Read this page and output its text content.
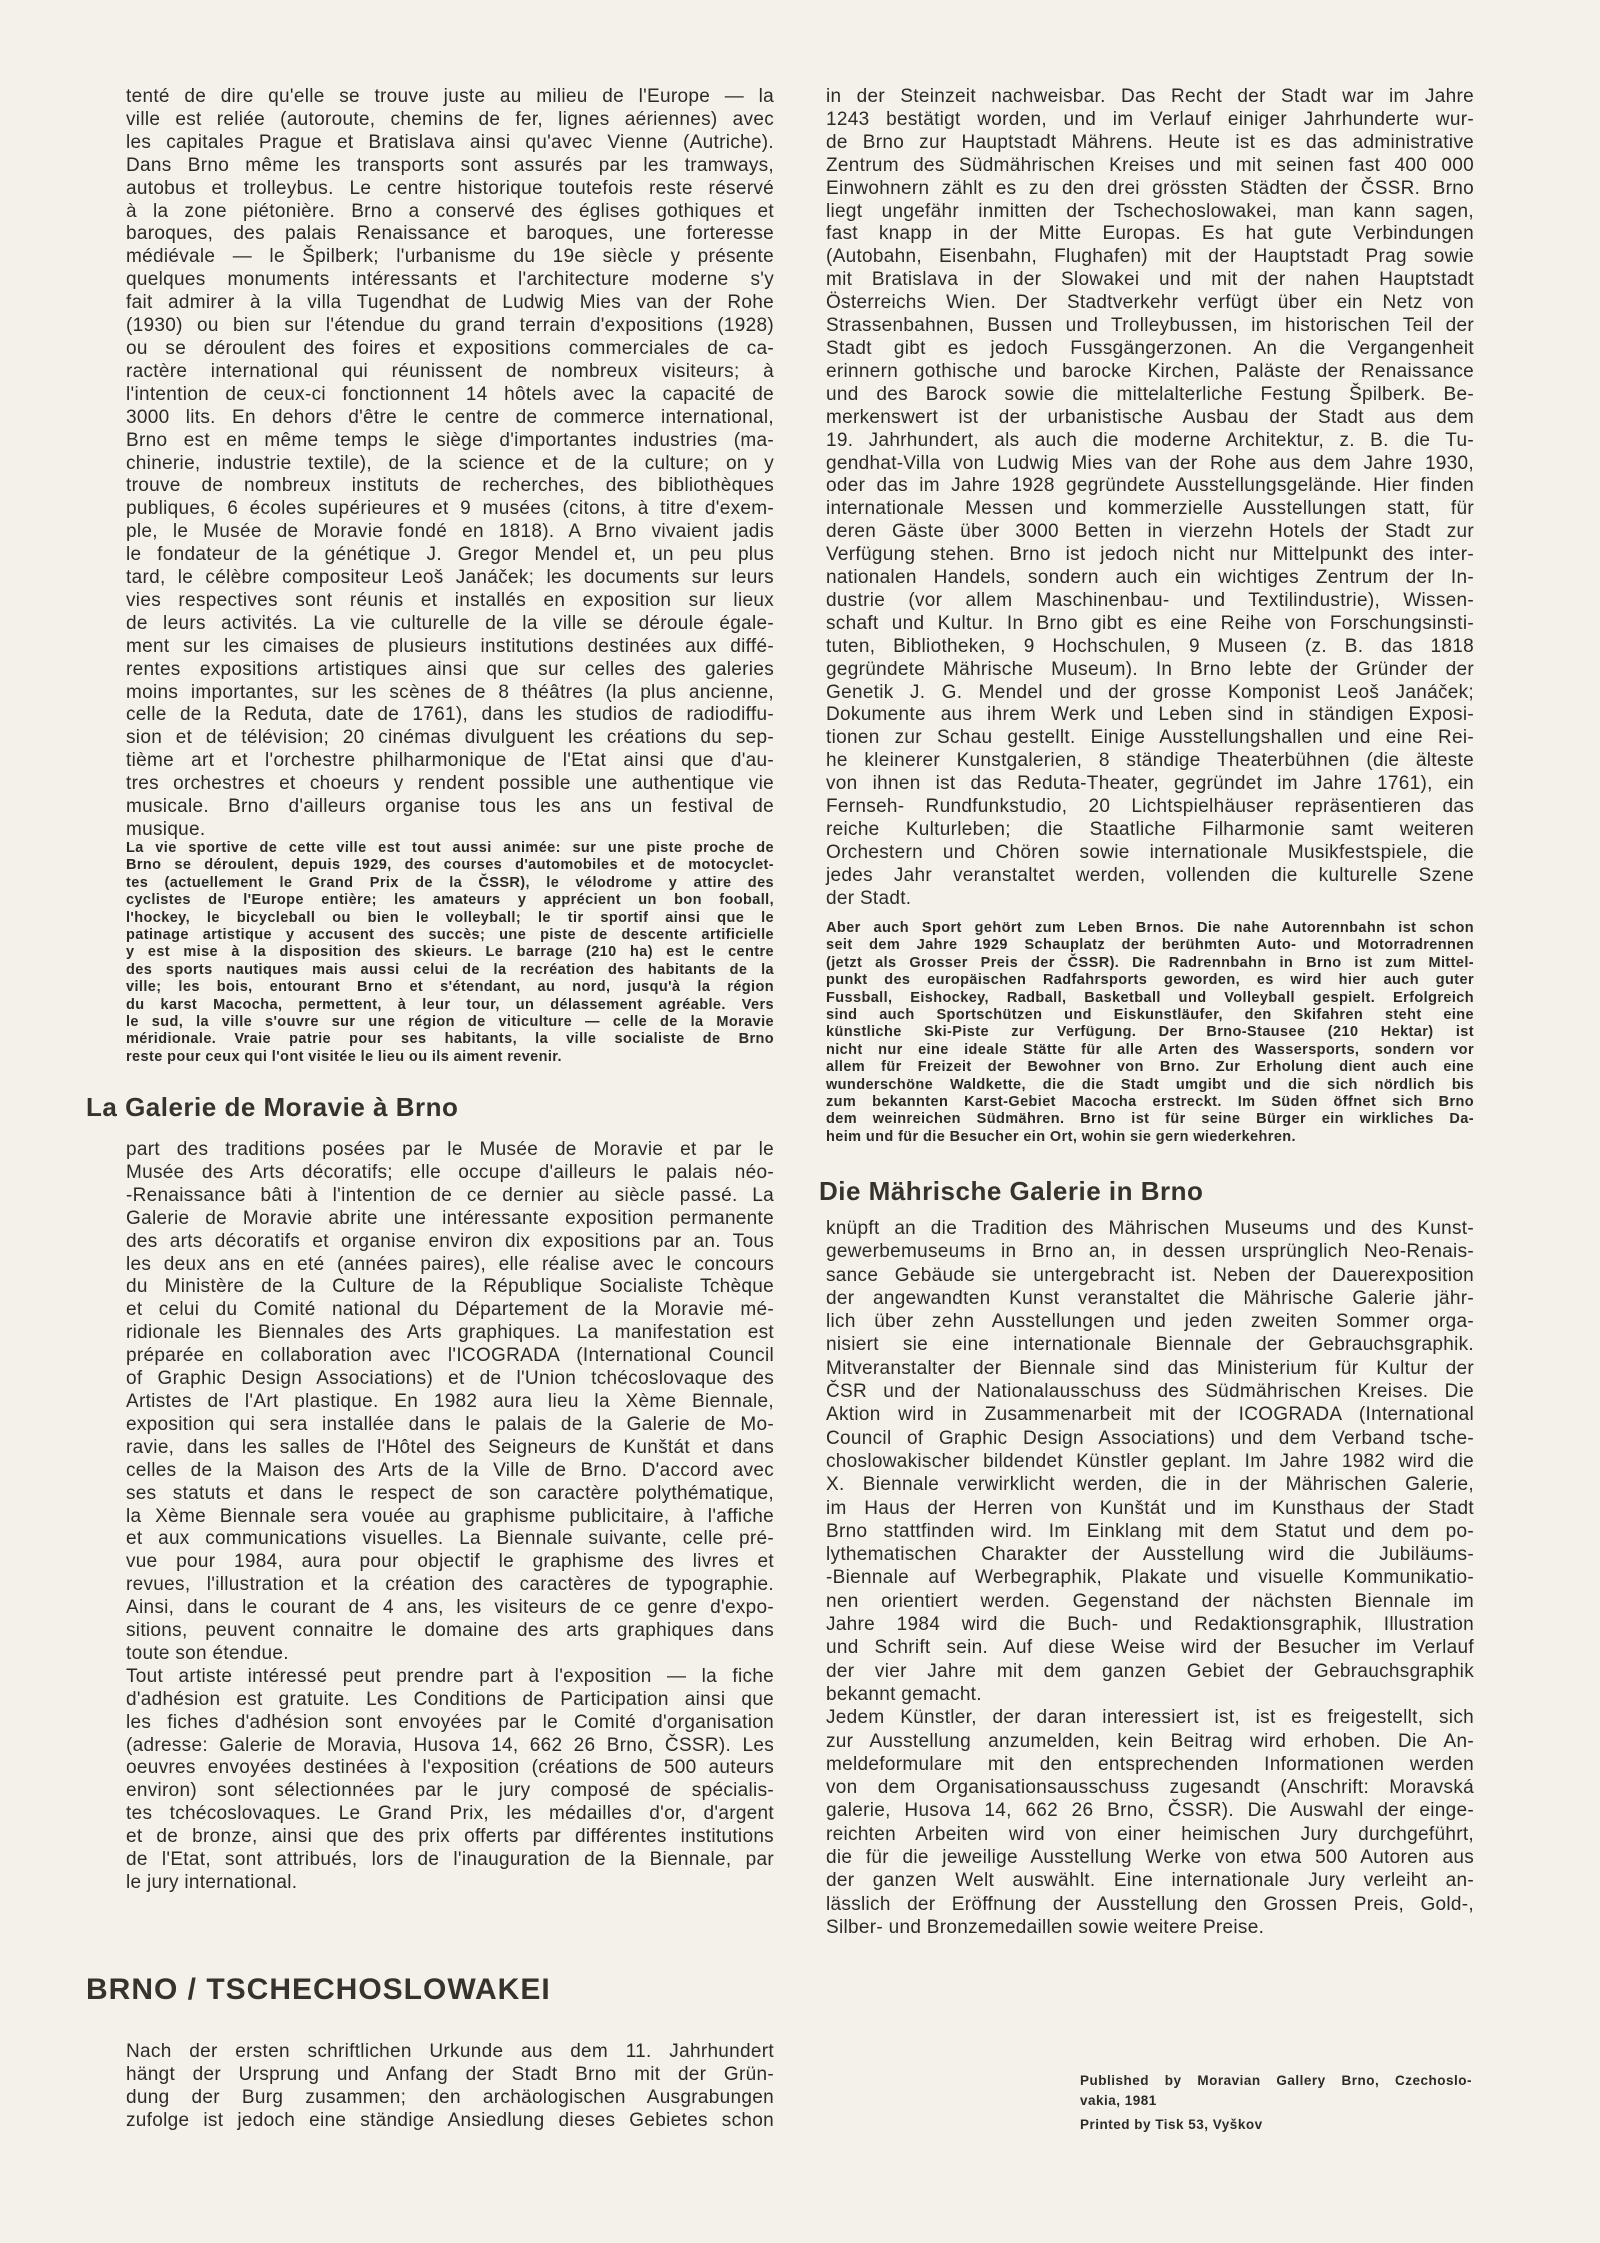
tenté de dire qu'elle se trouve juste au milieu de l'Europe — la
ville est reliée (autoroute, chemins de fer, lignes aériennes) avec
les capitales Prague et Bratislava ainsi qu'avec Vienne (Autriche).
Dans Brno même les transports sont assurés par les tramways,
autobus et trolleybus. Le centre historique toutefois reste réservé
à la zone piétonière. Brno a conservé des églises gothiques et
baroques, des palais Renaissance et baroques, une forteresse
médiévale — le Špilberk; l'urbanisme du 19e siècle y présente
quelques monuments intéressants et l'architecture moderne s'y
fait admirer à la villa Tugendhat de Ludwig Mies van der Rohe
(1930) ou bien sur l'étendue du grand terrain d'expositions (1928)
ou se déroulent des foires et expositions commerciales de ca-
ractère international qui réunissent de nombreux visiteurs; à
l'intention de ceux-ci fonctionnent 14 hôtels avec la capacité de
3000 lits. En dehors d'être le centre de commerce international,
Brno est en même temps le siège d'importantes industries (ma-
chinerie, industrie textile), de la science et de la culture; on y
trouve de nombreux instituts de recherches, des bibliothèques
publiques, 6 écoles supérieures et 9 musées (citons, à titre d'exem-
ple, le Musée de Moravie fondé en 1818). A Brno vivaient jadis
le fondateur de la génétique J. Gregor Mendel et, un peu plus
tard, le célèbre compositeur Leoš Janáček; les documents sur leurs
vies respectives sont réunis et installés en exposition sur lieux
de leurs activités. La vie culturelle de la ville se déroule égale-
ment sur les cimaises de plusieurs institutions destinées aux diffé-
rentes expositions artistiques ainsi que sur celles des galeries
moins importantes, sur les scènes de 8 théâtres (la plus ancienne,
celle de la Reduta, date de 1761), dans les studios de radiodiffu-
sion et de télévision; 20 cinémas divulguent les créations du sep-
tième art et l'orchestre philharmonique de l'Etat ainsi que d'au-
tres orchestres et choeurs y rendent possible une authentique vie
musicale. Brno d'ailleurs organise tous les ans un festival de
musique.
La vie sportive de cette ville est tout aussi animée: sur une piste proche de
Brno se déroulent, depuis 1929, des courses d'automobiles et de motocyclet-
tes (actuellement le Grand Prix de la ČSSR), le vélodrome y attire des
cyclistes de l'Europe entière; les amateurs y apprécient un bon fooball,
l'hockey, le bicycleball ou bien le volleyball; le tir sportif ainsi que le
patinage artistique y accusent des succès; une piste de descente artificielle
y est mise à la disposition des skieurs. Le barrage (210 ha) est le centre
des sports nautiques mais aussi celui de la recréation des habitants de la
ville; les bois, entourant Brno et s'étendant, au nord, jusqu'à la région
du karst Macocha, permettent, à leur tour, un délassement agréable. Vers
le sud, la ville s'ouvre sur une région de viticulture — celle de la Moravie
méridionale. Vraie patrie pour ses habitants, la ville socialiste de Brno
reste pour ceux qui l'ont visitée le lieu ou ils aiment revenir.
La Galerie de Moravie à Brno
part des traditions posées par le Musée de Moravie et par le
Musée des Arts décoratifs; elle occupe d'ailleurs le palais néo-
-Renaissance bâti à l'intention de ce dernier au siècle passé. La
Galerie de Moravie abrite une intéressante exposition permanente
des arts décoratifs et organise environ dix expositions par an. Tous
les deux ans en eté (années paires), elle réalise avec le concours
du Ministère de la Culture de la République Socialiste Tchèque
et celui du Comité national du Département de la Moravie mé-
ridionale les Biennales des Arts graphiques. La manifestation est
préparée en collaboration avec l'ICOGRADA (International Council
of Graphic Design Associations) et de l'Union tchécoslovaque des
Artistes de l'Art plastique. En 1982 aura lieu la Xème Biennale,
exposition qui sera installée dans le palais de la Galerie de Mo-
ravie, dans les salles de l'Hôtel des Seigneurs de Kunštát et dans
celles de la Maison des Arts de la Ville de Brno. D'accord avec
ses statuts et dans le respect de son caractère polythématique,
la Xème Biennale sera vouée au graphisme publicitaire, à l'affiche
et aux communications visuelles. La Biennale suivante, celle pré-
vue pour 1984, aura pour objectif le graphisme des livres et
revues, l'illustration et la création des caractères de typographie.
Ainsi, dans le courant de 4 ans, les visiteurs de ce genre d'expo-
sitions, peuvent connaitre le domaine des arts graphiques dans
toute son étendue.
Tout artiste intéressé peut prendre part à l'exposition — la fiche
d'adhésion est gratuite. Les Conditions de Participation ainsi que
les fiches d'adhésion sont envoyées par le Comité d'organisation
(adresse: Galerie de Moravia, Husova 14, 662 26 Brno, ČSSR). Les
oeuvres envoyées destinées à l'exposition (créations de 500 auteurs
environ) sont sélectionnées par le jury composé de spécialis-
tes tchécoslovaques. Le Grand Prix, les médailles d'or, d'argent
et de bronze, ainsi que des prix offerts par différentes institutions
de l'Etat, sont attribués, lors de l'inauguration de la Biennale, par
le jury international.
BRNO / TSCHECHOSLOWAKEI
Nach der ersten schriftlichen Urkunde aus dem 11. Jahrhundert
hängt der Ursprung und Anfang der Stadt Brno mit der Grün-
dung der Burg zusammen; den archäologischen Ausgrabungen
zufolge ist jedoch eine ständige Ansiedlung dieses Gebietes schon
in der Steinzeit nachweisbar. Das Recht der Stadt war im Jahre
1243 bestätigt worden, und im Verlauf einiger Jahrhunderte wur-
de Brno zur Hauptstadt Mährens. Heute ist es das administrative
Zentrum des Südmährischen Kreises und mit seinen fast 400 000
Einwohnern zählt es zu den drei grössten Städten der ČSSR. Brno
liegt ungefähr inmitten der Tschechoslowakei, man kann sagen,
fast knapp in der Mitte Europas. Es hat gute Verbindungen
(Autobahn, Eisenbahn, Flughafen) mit der Hauptstadt Prag sowie
mit Bratislava in der Slowakei und mit der nahen Hauptstadt
Österreichs Wien. Der Stadtverkehr verfügt über ein Netz von
Strassenbahnen, Bussen und Trolleybussen, im historischen Teil der
Stadt gibt es jedoch Fussgängerzonen. An die Vergangenheit
erinnern gothische und barocke Kirchen, Paläste der Renaissance
und des Barock sowie die mittelalterliche Festung Špilberk. Be-
merkenswert ist der urbanistische Ausbau der Stadt aus dem
19. Jahrhundert, als auch die moderne Architektur, z. B. die Tu-
gendhat-Villa von Ludwig Mies van der Rohe aus dem Jahre 1930,
oder das im Jahre 1928 gegründete Ausstellungsgelände. Hier finden
internationale Messen und kommerzielle Ausstellungen statt, für
deren Gäste über 3000 Betten in vierzehn Hotels der Stadt zur
Verfügung stehen. Brno ist jedoch nicht nur Mittelpunkt des inter-
nationalen Handels, sondern auch ein wichtiges Zentrum der In-
dustrie (vor allem Maschinenbau- und Textilindustrie), Wissen-
schaft und Kultur. In Brno gibt es eine Reihe von Forschungsinsti-
tuten, Bibliotheken, 9 Hochschulen, 9 Museen (z. B. das 1818
gegründete Mährische Museum). In Brno lebte der Gründer der
Genetik J. G. Mendel und der grosse Komponist Leoš Janáček;
Dokumente aus ihrem Werk und Leben sind in ständigen Exposi-
tionen zur Schau gestellt. Einige Ausstellungshallen und eine Rei-
he kleinerer Kunstgalerien, 8 ständige Theaterbühnen (die älteste
von ihnen ist das Reduta-Theater, gegründet im Jahre 1761), ein
Fernseh- Rundfunkstudio, 20 Lichtspielhäuser repräsentieren das
reiche Kulturleben; die Staatliche Filharmonie samt weiteren
Orchestern und Chören sowie internationale Musikfestspiele, die
jedes Jahr veranstaltet werden, vollenden die kulturelle Szene
der Stadt.
Aber auch Sport gehört zum Leben Brnos. Die nahe Autorennbahn ist schon
seit dem Jahre 1929 Schauplatz der berühmten Auto- und Motorradrennen
(jetzt als Grosser Preis der ČSSR). Die Radrennbahn in Brno ist zum Mittel-
punkt des europäischen Radfahrsports geworden, es wird hier auch guter
Fussball, Eishockey, Radball, Basketball und Volleyball gespielt. Erfolgreich
sind auch Sportschützen und Eiskunstläufer, den Skifahren steht eine
künstliche Ski-Piste zur Verfügung. Der Brno-Stausee (210 Hektar) ist
nicht nur eine ideale Stätte für alle Arten des Wassersports, sondern vor
allem für Freizeit der Bewohner von Brno. Zur Erholung dient auch eine
wunderschöne Waldkette, die die Stadt umgibt und die sich nördlich bis
zum bekannten Karst-Gebiet Macocha erstreckt. Im Süden öffnet sich Brno
dem weinreichen Südmähren. Brno ist für seine Bürger ein wirkliches Da-
heim und für die Besucher ein Ort, wohin sie gern wiederkehren.
Die Mährische Galerie in Brno
knüpft an die Tradition des Mährischen Museums und des Kunst-
gewerbemuseums in Brno an, in dessen ursprünglich Neo-Renais-
sance Gebäude sie untergebracht ist. Neben der Dauerexposition
der angewandten Kunst veranstaltet die Mährische Galerie jähr-
lich über zehn Ausstellungen und jeden zweiten Sommer orga-
nisiert sie eine internationale Biennale der Gebrauchsgraphik.
Mitveranstalter der Biennale sind das Ministerium für Kultur der
ČSR und der Nationalausschuss des Südmährischen Kreises. Die
Aktion wird in Zusammenarbeit mit der ICOGRADA (International
Council of Graphic Design Associations) und dem Verband tsche-
choslowakischer bildendet Künstler geplant. Im Jahre 1982 wird die
X. Biennale verwirklicht werden, die in der Mährischen Galerie,
im Haus der Herren von Kunštát und im Kunsthaus der Stadt
Brno stattfinden wird. Im Einklang mit dem Statut und dem po-
lythematischen Charakter der Ausstellung wird die Jubiläums-
-Biennale auf Werbegraphik, Plakate und visuelle Kommunikatio-
nen orientiert werden. Gegenstand der nächsten Biennale im
Jahre 1984 wird die Buch- und Redaktionsgraphik, Illustration
und Schrift sein. Auf diese Weise wird der Besucher im Verlauf
der vier Jahre mit dem ganzen Gebiet der Gebrauchsgraphik
bekannt gemacht.
Jedem Künstler, der daran interessiert ist, ist es freigestellt, sich
zur Ausstellung anzumelden, kein Beitrag wird erhoben. Die An-
meldeformulare mit den entsprechenden Informationen werden
von dem Organisationsausschuss zugesandt (Anschrift: Moravská
galerie, Husova 14, 662 26 Brno, ČSSR). Die Auswahl der einge-
reichten Arbeiten wird von einer heimischen Jury durchgeführt,
die für die jeweilige Ausstellung Werke von etwa 500 Autoren aus
der ganzen Welt auswählt. Eine internationale Jury verleiht an-
lässlich der Eröffnung der Ausstellung den Grossen Preis, Gold-,
Silber- und Bronzemedaillen sowie weitere Preise.
Published by Moravian Gallery Brno, Czechoslo-
vakia, 1981
Printed by Tisk 53, Vyškov
